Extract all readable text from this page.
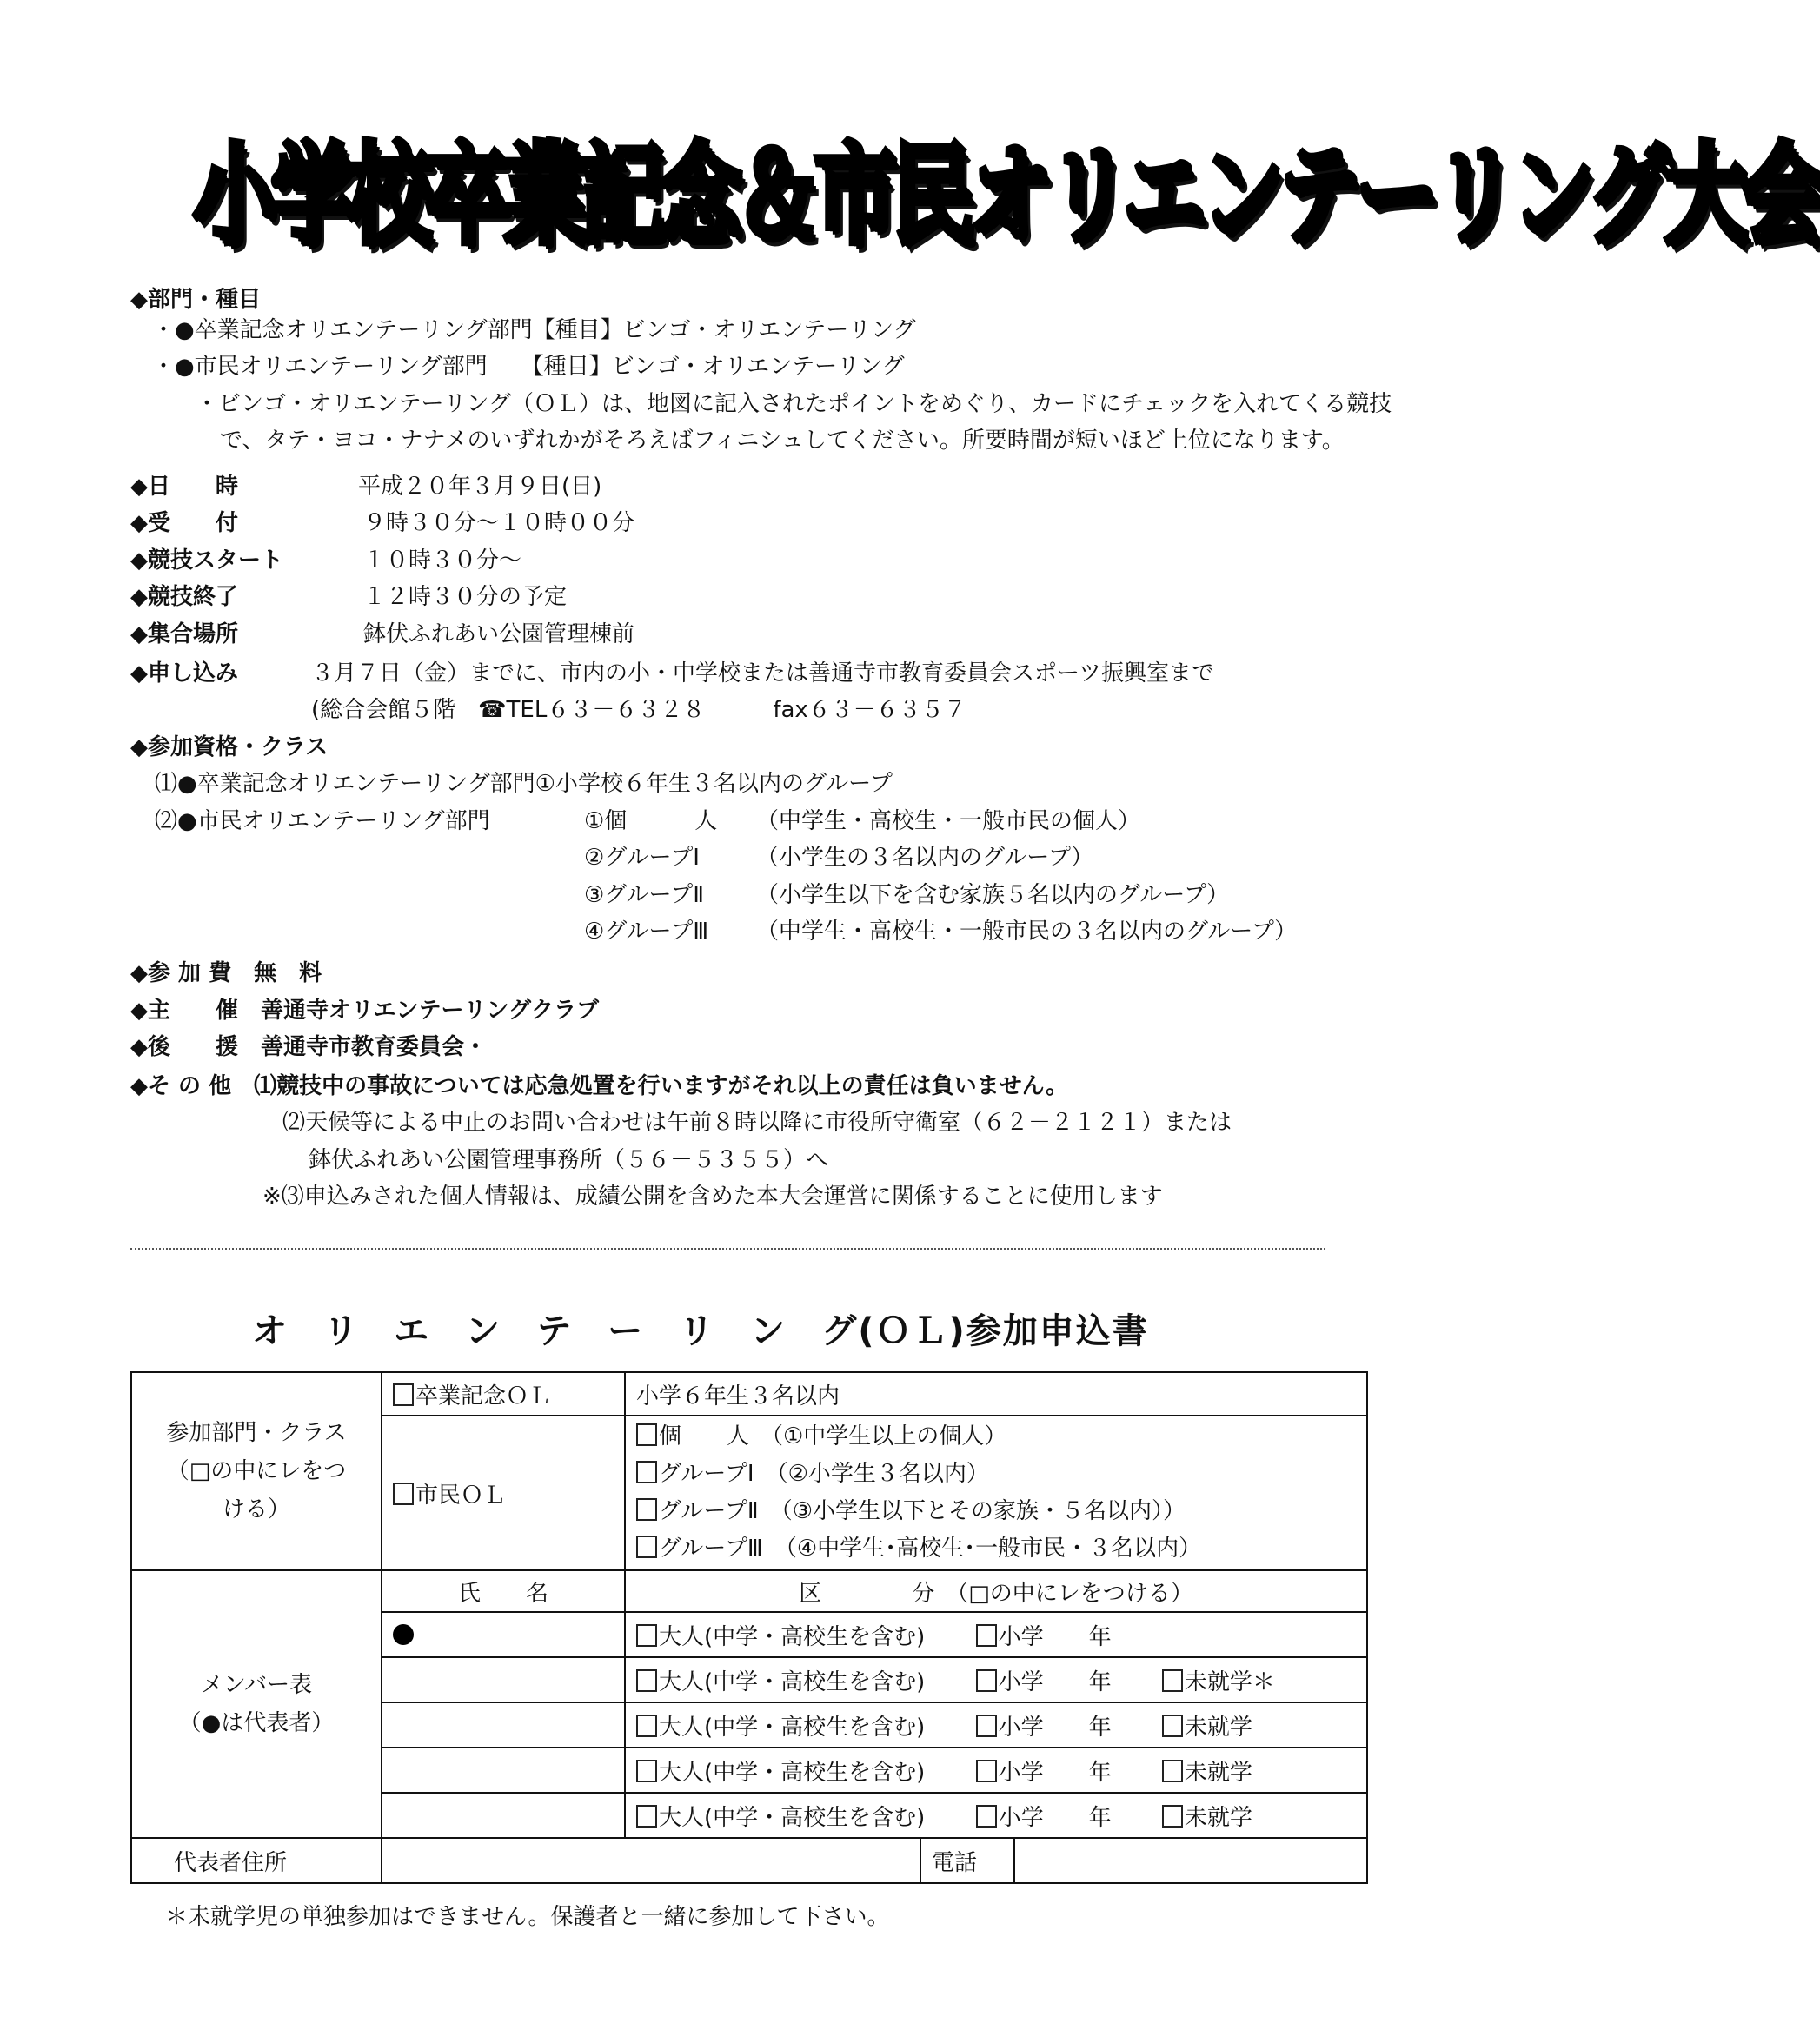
小学校卒業記念＆市民オリエンテーリング大会
◆部門・種目
・●卒業記念オリエンテーリング部門【種目】ビンゴ・オリエンテーリング
・●市民オリエンテーリング部門　　【種目】ビンゴ・オリエンテーリング
・ビンゴ・オリエンテーリング（ＯＬ）は、地図に記入されたポイントをめぐり、カードにチェックを入れてくる競技
で、タテ・ヨコ・ナナメのいずれかがそろえばフィニシュしてください。所要時間が短いほど上位になります。
◆日　　時	平成２０年３月９日(日)
◆受　　付	９時３０分～１０時００分
◆競技スタート	１０時３０分～
◆競技終了	１２時３０分の予定
◆集合場所	鉢伏ふれあい公園管理棟前
◆申し込み	３月７日（金）までに、市内の小・中学校または善通寺市教育委員会スポーツ振興室まで
(総合会館５階　☎TEL６３－６３２８　　　fax６３－６３５７
◆参加資格・クラス
⑴●卒業記念オリエンテーリング部門①小学校６年生３名以内のグループ
⑵●市民オリエンテーリング部門	①個　　　人 （中学生・高校生・一般市民の個人）
②グループⅠ	（小学生の３名以内のグループ）
③グループⅡ （小学生以下を含む家族５名以内のグループ）
④グループⅢ （中学生・高校生・一般市民の３名以内のグループ）
◆参 加 費　無　料
◆主　　催　善通寺オリエンテーリングクラブ
◆後　　援　善通寺市教育委員会・
◆そ の 他　⑴競技中の事故については応急処置を行いますがそれ以上の責任は負いません。
⑵天候等による中止のお問い合わせは午前８時以降に市役所守衛室（６２－２１２１）または
鉢伏ふれあい公園管理事務所（５６－５３５５）へ
※⑶申込みされた個人情報は、成績公開を含めた本大会運営に関係することに使用します
オリエンテーリング(ＯＬ)参加申込書
参加部門・クラス
（□の中にレをつ
ける）	卒業記念ＯＬ	小学６年生３名以内		
	市民ＯＬ	個　　人　（①中学生以上の個人）
グループⅠ　（②小学生３名以内）
グループⅡ　（③小学生以下とその家族・５名以内））
グループⅢ　（④中学生･高校生･一般市民・３名以内）		

メンバー表
（●は代表者）	氏　　名	区　　　　分　（□の中にレをつける）		
		大人(中学・高校生を含む) 小学　　年		
		大人(中学・高校生を含む) 小学　　年 未就学＊		
		大人(中学・高校生を含む) 小学　　年 未就学		
		大人(中学・高校生を含む) 小学　　年 未就学		
		大人(中学・高校生を含む) 小学　　年 未就学		
代表者住所			電話	
＊未就学児の単独参加はできません。保護者と一緒に参加して下さい。
